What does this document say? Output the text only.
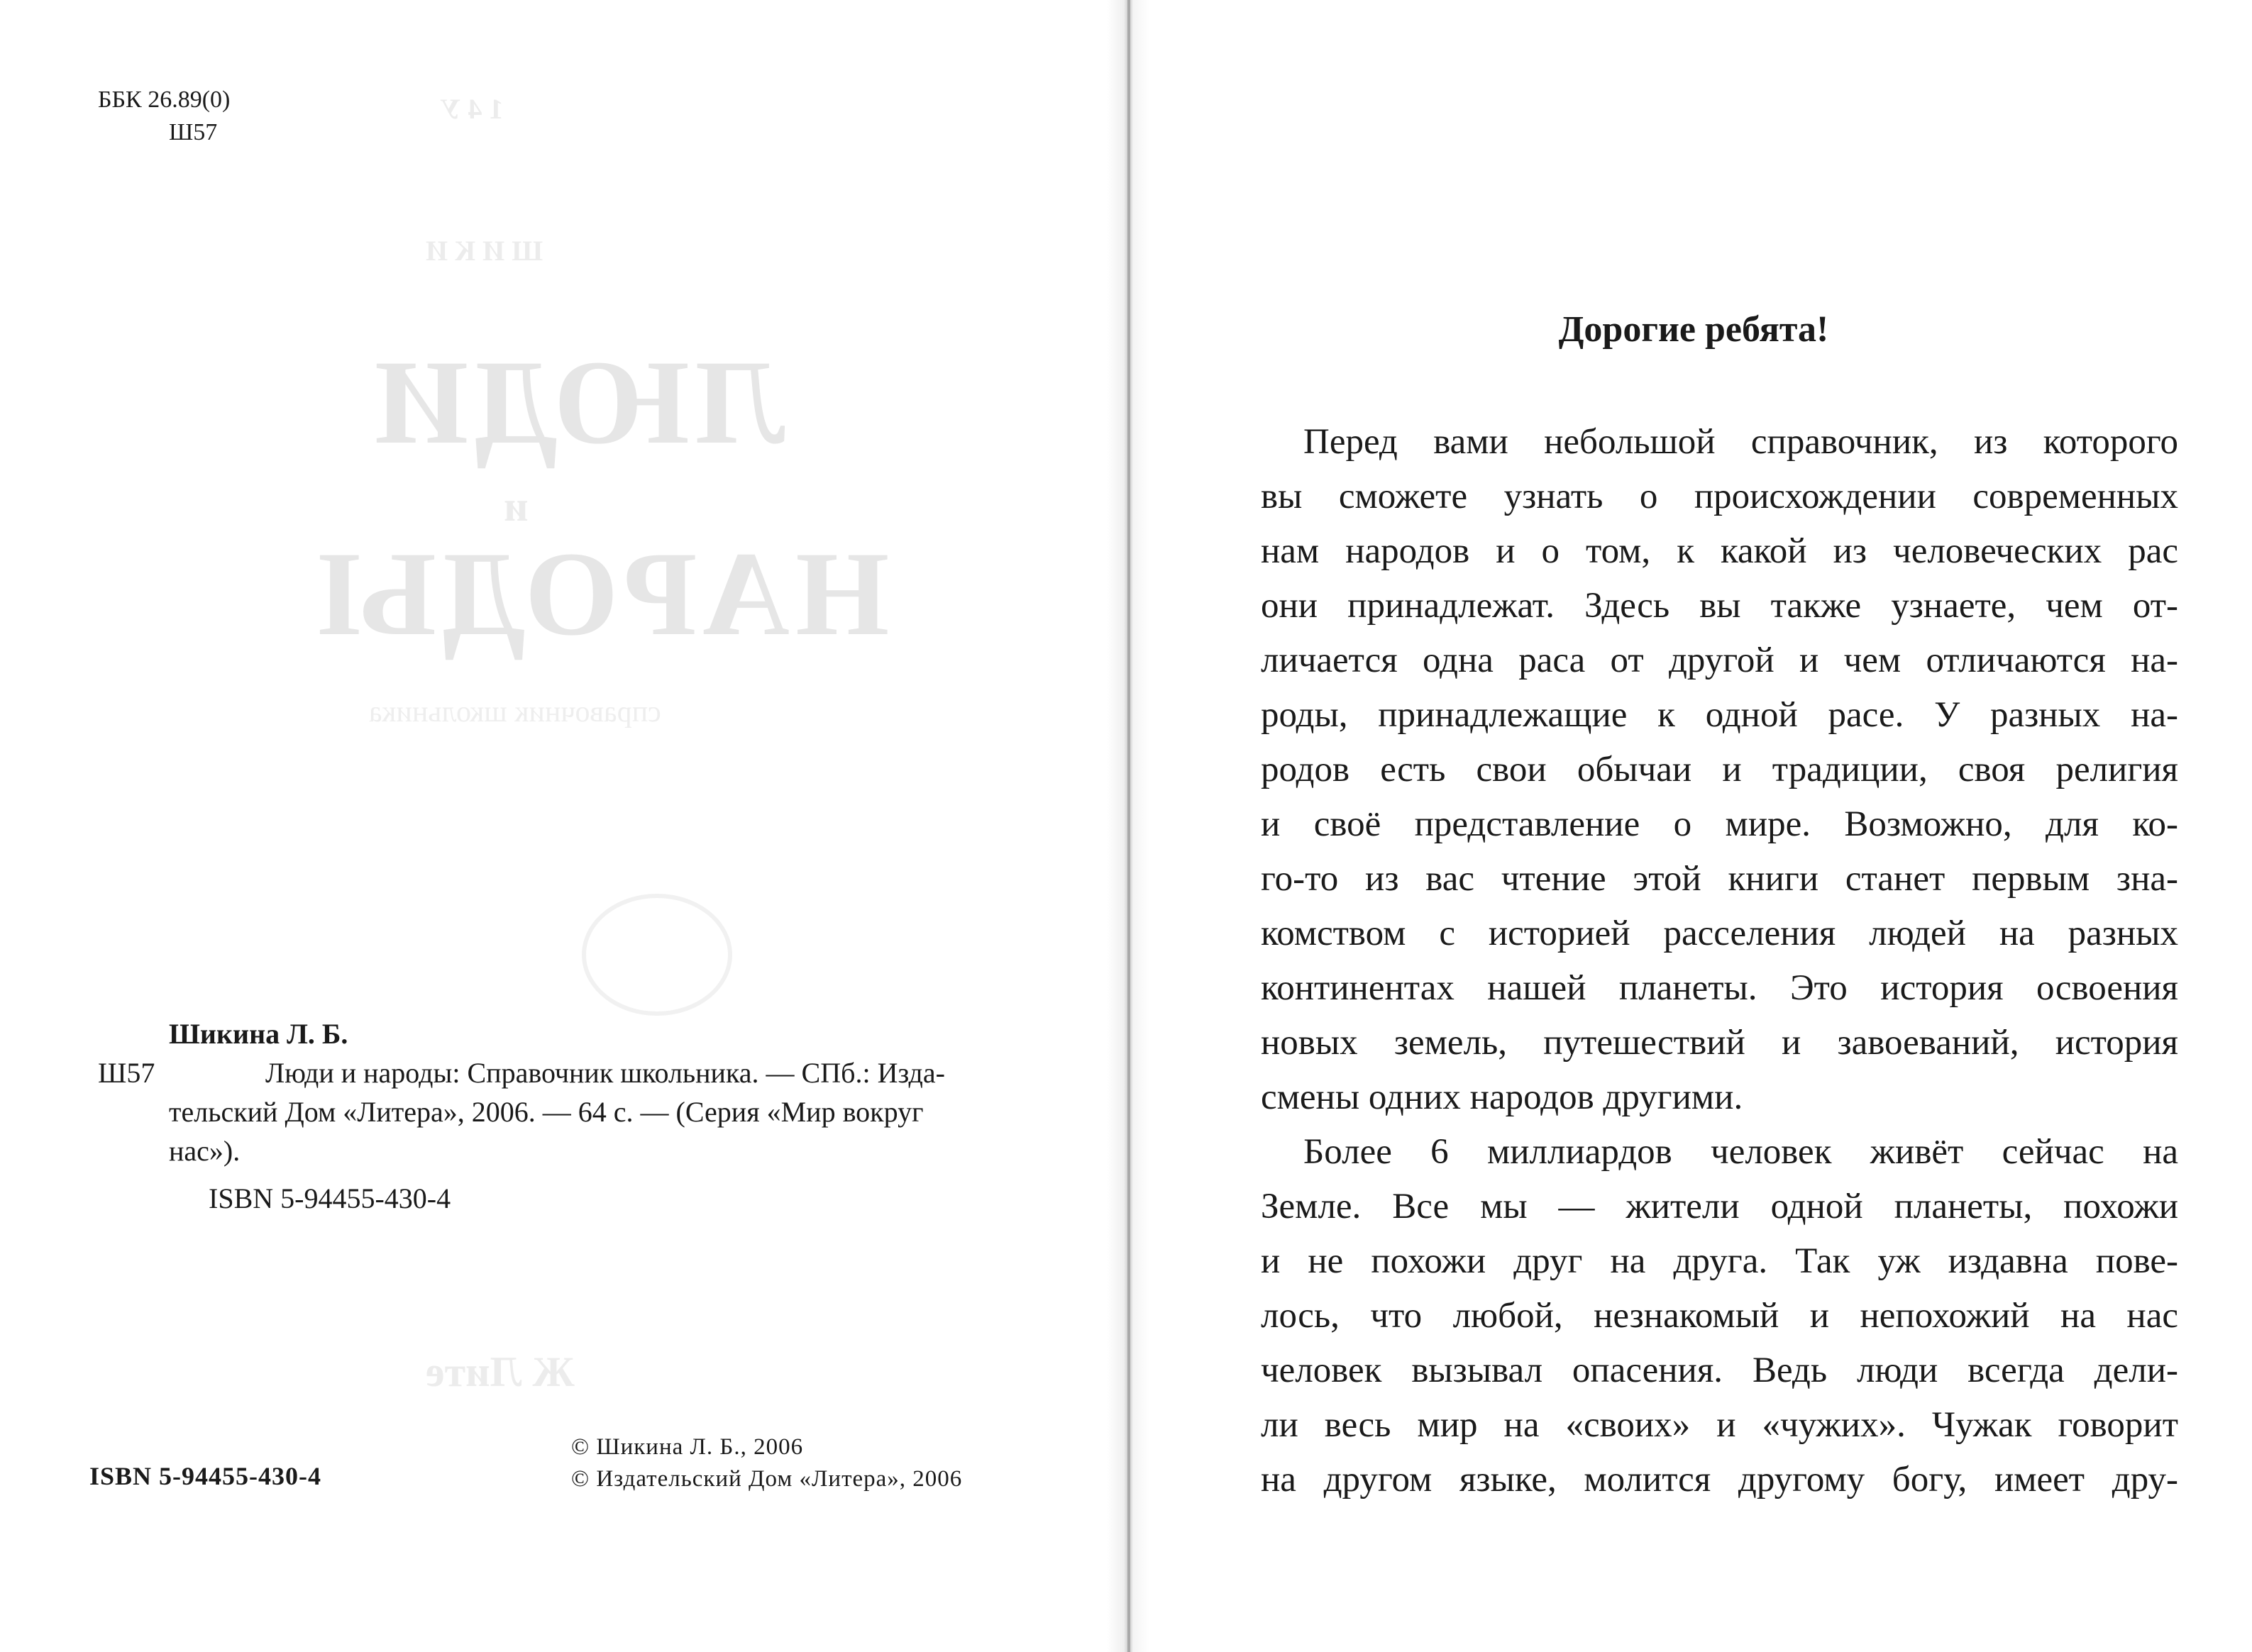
ББК 26.89(0)
Ш57
1 4 У
Ш И К И
ЛЮДИ
и
НАРОДЫ
справочник школьника
Ж Лите
Шикина Л. Б.
Ш57	Люди и народы: Справочник школьника. — СПб.: Изда-
тельский Дом «Литера», 2006. — 64 с. — (Серия «Мир вокруг
нас»).
ISBN 5-94455-430-4
ISBN 5-94455-430-4
© Шикина Л. Б., 2006
© Издательский Дом «Литера», 2006
Дорогие ребята!
Перед вами небольшой справочник, из которого
вы сможете узнать о происхождении современных
нам народов и о том, к какой из человеческих рас
они принадлежат. Здесь вы также узнаете, чем от-
личается одна раса от другой и чем отличаются на-
роды, принадлежащие к одной расе. У разных на-
родов есть свои обычаи и традиции, своя религия
и своё представление о мире. Возможно, для ко-
го-то из вас чтение этой книги станет первым зна-
комством с историей расселения людей на разных
континентах нашей планеты. Это история освоения
новых земель, путешествий и завоеваний, история
смены одних народов другими.
Более 6 миллиардов человек живёт сейчас на
Земле. Все мы — жители одной планеты, похожи
и не похожи друг на друга. Так уж издавна пове-
лось, что любой, незнакомый и непохожий на нас
человек вызывал опасения. Ведь люди всегда дели-
ли весь мир на «своих» и «чужих». Чужак говорит
на другом языке, молится другому богу, имеет дру-
